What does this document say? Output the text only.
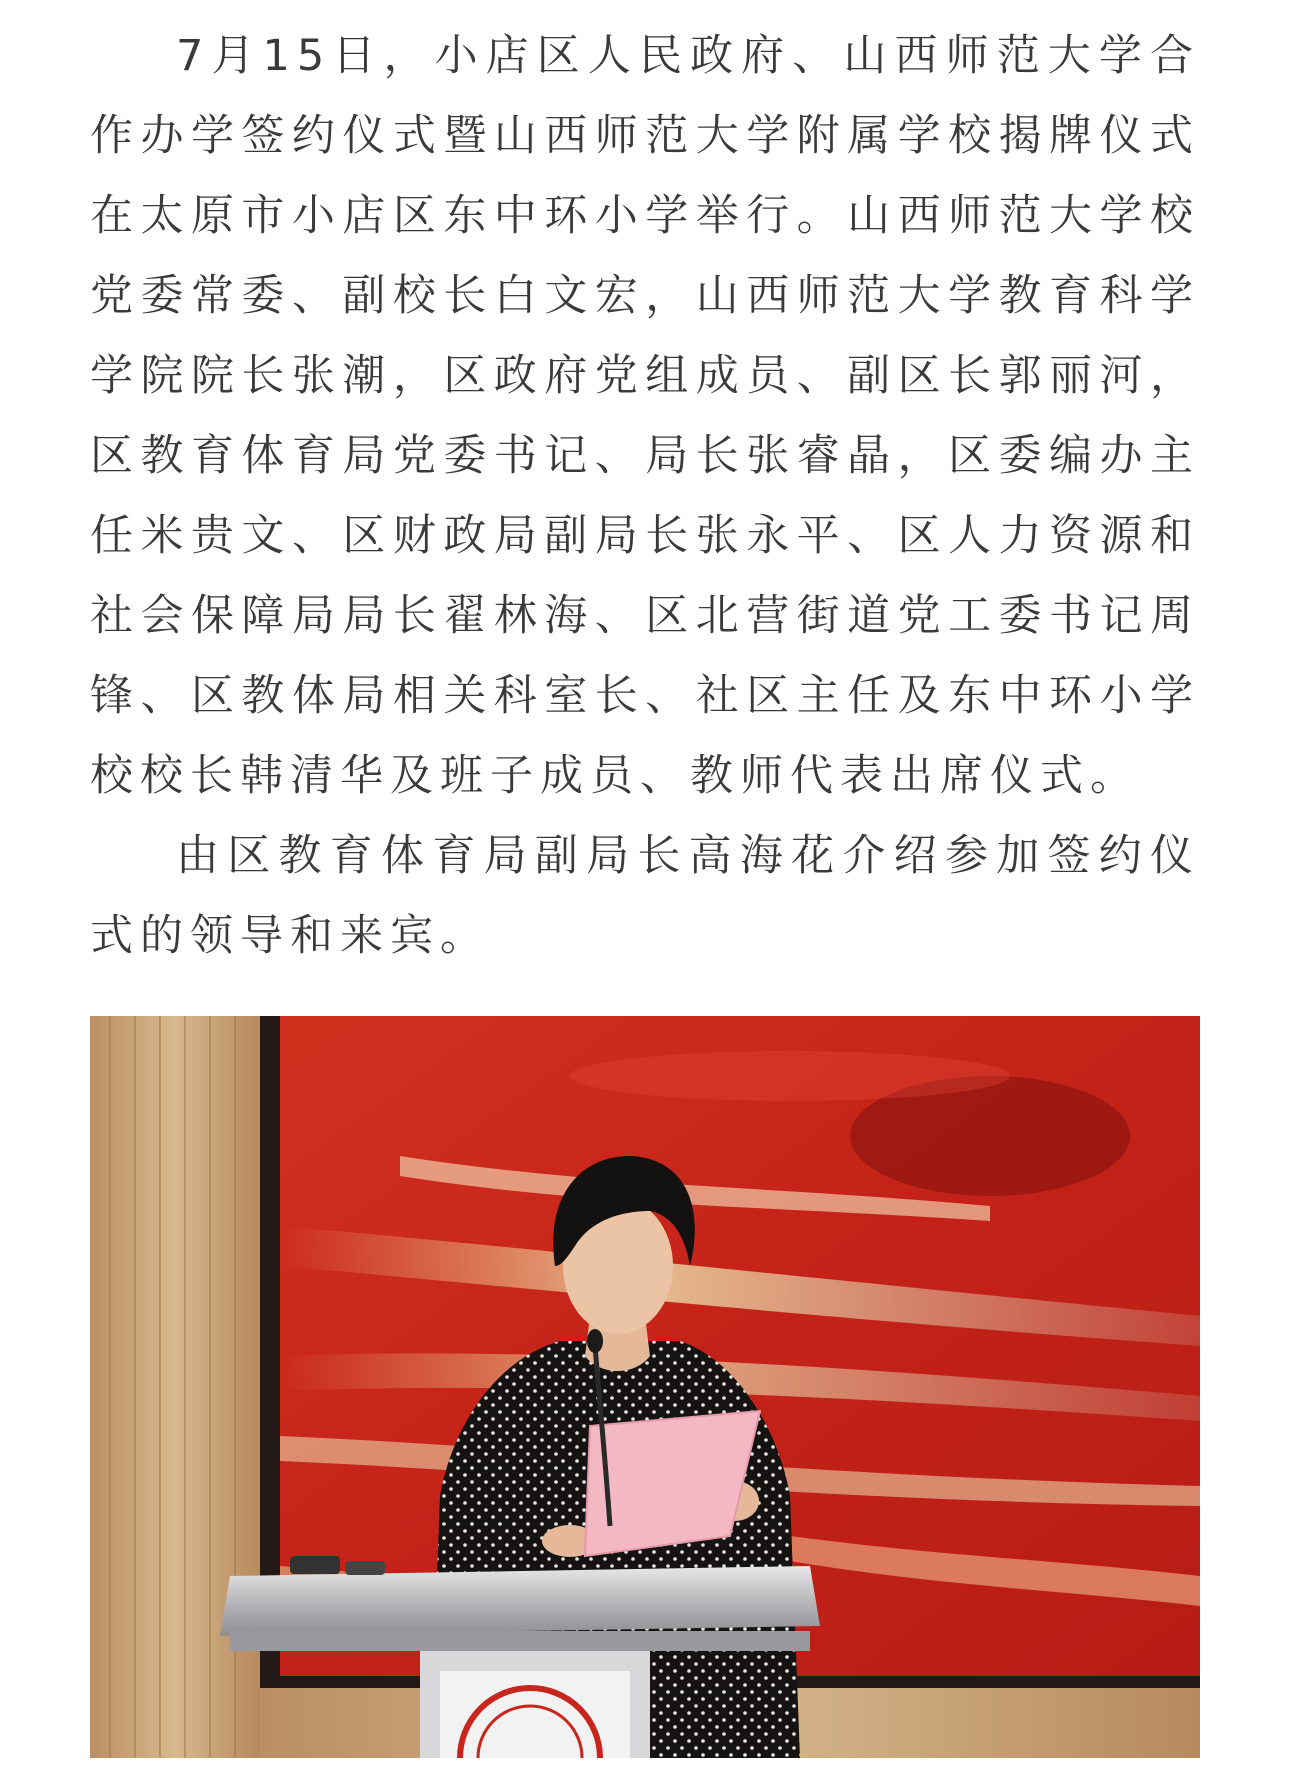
7月15日，小店区人民政府、山西师范大学合作办学签约仪式暨山西师范大学附属学校揭牌仪式在太原市小店区东中环小学举行。山西师范大学校党委常委、副校长白文宏，山西师范大学教育科学学院院长张潮，区政府党组成员、副区长郭丽河，区教育体育局党委书记、局长张睿晶，区委编办主任米贵文、区财政局副局长张永平、区人力资源和社会保障局局长翟林海、区北营街道党工委书记周锋、区教体局相关科室长、社区主任及东中环小学校校长韩清华及班子成员、教师代表出席仪式。

由区教育体育局副局长高海花介绍参加签约仪式的领导和来宾。
